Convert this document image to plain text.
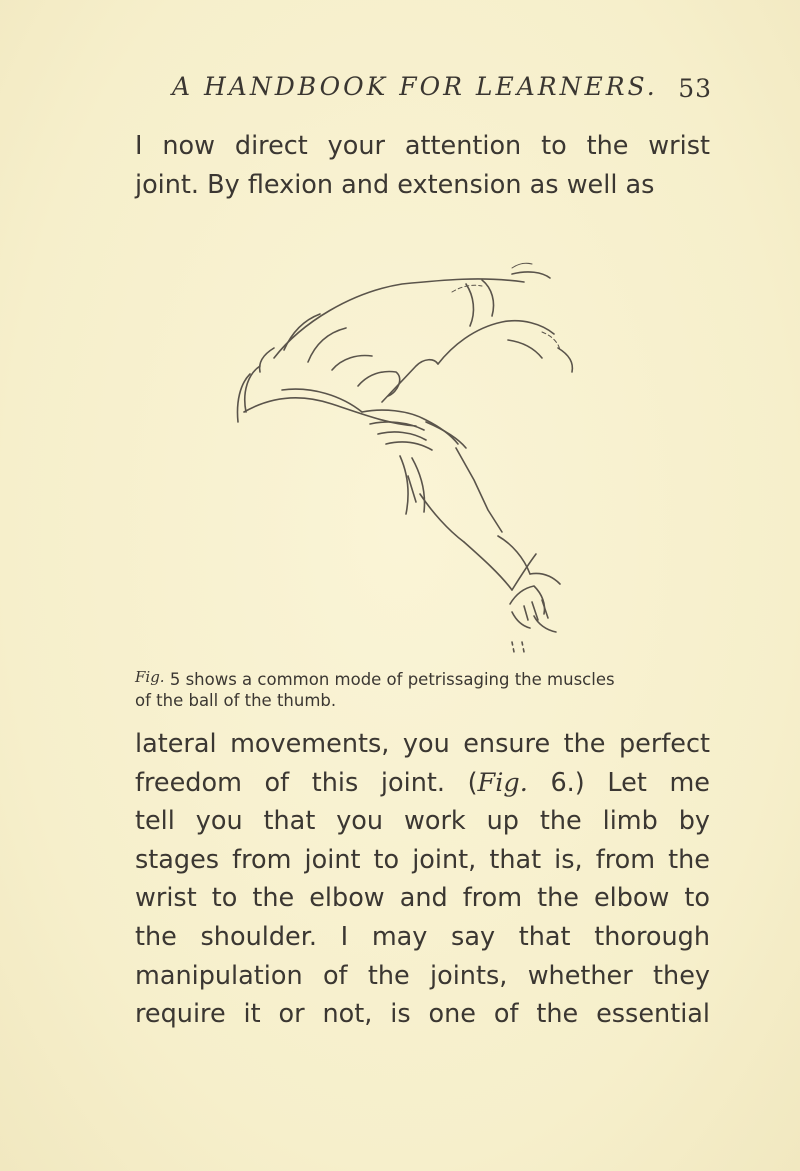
A HANDBOOK FOR LEARNERS. 53
I now direct your attention to the wrist
joint. By flexion and extension as well as
Fig. 5 shows a common mode of petrissaging the muscles
of the ball of the thumb.
lateral movements, you ensure the perfect
freedom of this joint. (Fig. 6.) Let me
tell you that you work up the limb by
stages from joint to joint, that is, from the
wrist to the elbow and from the elbow to
the shoulder. I may say that thorough
manipulation of the joints, whether they
require it or not, is one of the essential
